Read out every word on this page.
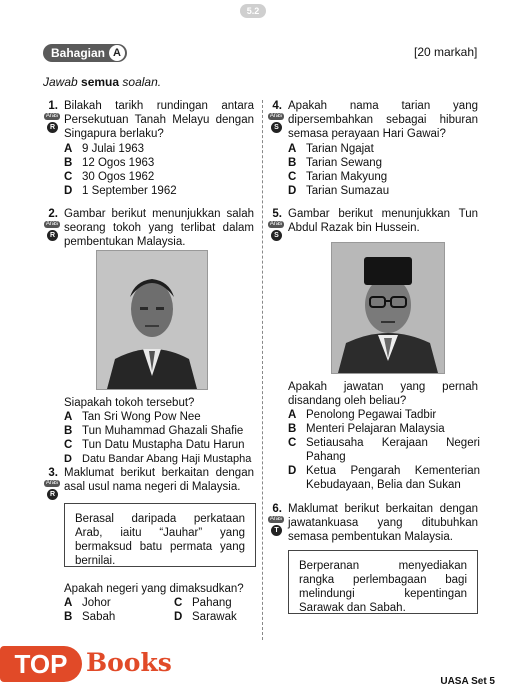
5.2
Bahagian A	[20 markah]
Jawab semua soalan.
1.
Aras
R
Bilakah tarikh rundingan antara Persekutuan Tanah Melayu dengan Singapura berlaku?
A 9 Julai 1963
B 12 Ogos 1963
C 30 Ogos 1962
D 1 September 1962
2.
Aras
R
Gambar berikut menunjukkan salah seorang tokoh yang terlibat dalam pembentukan Malaysia.
Siapakah tokoh tersebut?
A Tan Sri Wong Pow Nee
B Tun Muhammad Ghazali Shafie
C Tun Datu Mustapha Datu Harun
D Datu Bandar Abang Haji Mustapha
3.
Aras
R
Maklumat berikut berkaitan dengan asal usul nama negeri di Malaysia.
Berasal daripada perkataan Arab, iaitu “Jauhar” yang bermaksud batu permata yang bernilai.
Apakah negeri yang dimaksudkan?
A Johor	C Pahang
B Sabah	D Sarawak
4.
Aras
S
Apakah nama tarian yang dipersembahkan sebagai hiburan semasa perayaan Hari Gawai?
A Tarian Ngajat
B Tarian Sewang
C Tarian Makyung
D Tarian Sumazau
5.
Aras
S
Gambar berikut menunjukkan Tun Abdul Razak bin Hussein.
Apakah jawatan yang pernah disandang oleh beliau?
A Penolong Pegawai Tadbir
B Menteri Pelajaran Malaysia
C Setiausaha Kerajaan Negeri Pahang
D Ketua Pengarah Kementerian Kebudayaan, Belia dan Sukan
6.
Aras
T
Maklumat berikut berkaitan dengan jawatankuasa yang ditubuhkan semasa pembentukan Malaysia.
Berperanan menyediakan rangka perlembagaan bagi melindungi kepentingan Sarawak dan Sabah.
TOP Books
UASA Set 5
